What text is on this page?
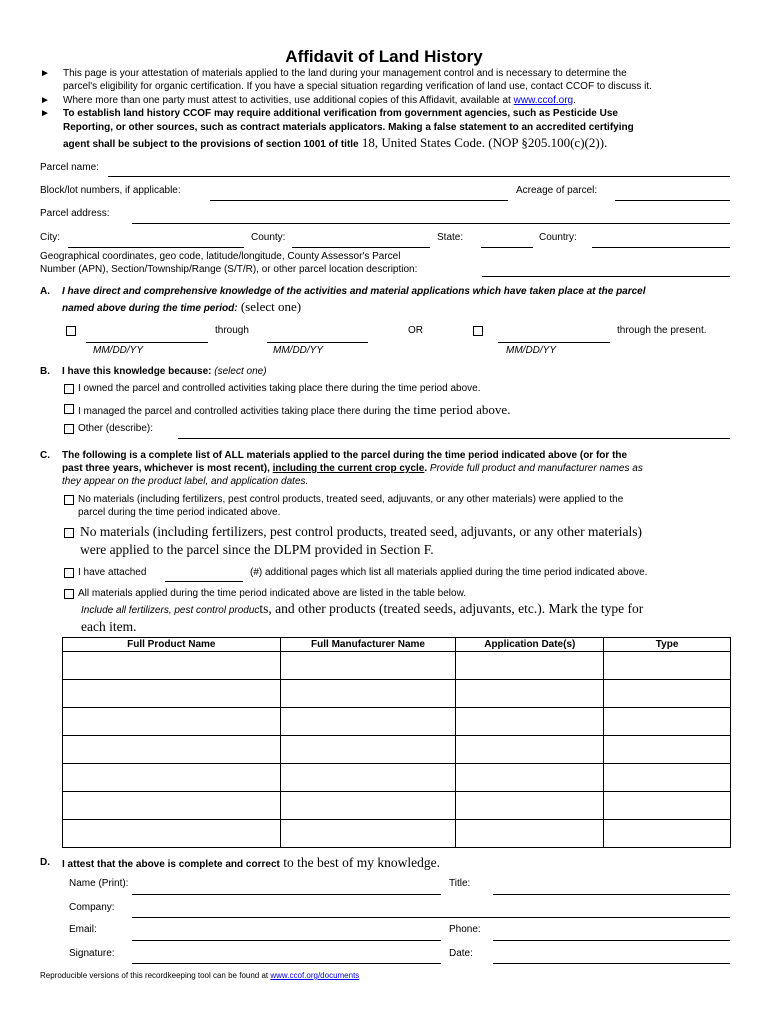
Affidavit of Land History
► This page is your attestation of materials applied to the land during your management control and is necessary to determine the
parcel's eligibility for organic certification. If you have a special situation regarding verification of land use, contact CCOF to discuss it.
► Where more than one party must attest to activities, use additional copies of this Affidavit, available at www.ccof.org.
► To establish land history CCOF may require additional verification from government agencies, such as Pesticide Use
Reporting, or other sources, such as contract materials applicators. Making a false statement to an accredited certifying
agent shall be subject to the provisions of section 1001 of title 18, United States Code. (NOP §205.100(c)(2)).
Parcel name:
Block/lot numbers, if applicable:	Acreage of parcel:
Parcel address:
City:	County:	State:	Country:
Geographical coordinates, geo code, latitude/longitude, County Assessor's Parcel
Number (APN), Section/Township/Range (S/T/R), or other parcel location description:
A. I have direct and comprehensive knowledge of the activities and material applications which have taken place at the parcel
named above during the time period: (select one)
MM/DD/YY
through
MM/DD/YY
OR
MM/DD/YY
through the present.
B. I have this knowledge because: (select one)
I owned the parcel and controlled activities taking place there during the time period above.
I managed the parcel and controlled activities taking place there during the time period above.
Other (describe):
C. The following is a complete list of ALL materials applied to the parcel during the time period indicated above (or for the
past three years, whichever is most recent), including the current crop cycle. Provide full product and manufacturer names as
they appear on the product label, and application dates.
No materials (including fertilizers, pest control products, treated seed, adjuvants, or any other materials) were applied to the
parcel during the time period indicated above.
No materials (including fertilizers, pest control products, treated seed, adjuvants, or any other materials)
were applied to the parcel since the DLPM provided in Section F.
I have attached	(#) additional pages which list all materials applied during the time period indicated above.
All materials applied during the time period indicated above are listed in the table below.
Include all fertilizers, pest control products, and other products (treated seeds, adjuvants, etc.). Mark the type for
each item.
Full Product Name	Full Manufacturer Name	Application Date(s)	Type

D. I attest that the above is complete and correct to the best of my knowledge.
Name (Print):	Title:
Company:
Email:	Phone:
Signature:	Date:
Reproducible versions of this recordkeeping tool can be found at www.ccof.org/documents
